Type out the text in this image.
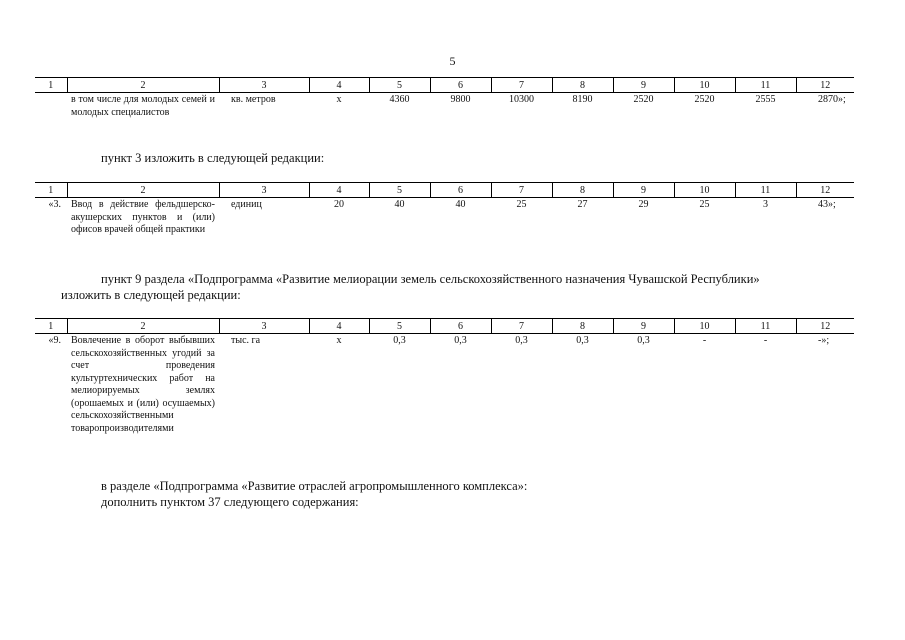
5
1	2	3	4	5	6	7	8	9	10	11	12
	в том числе для молодых семей и молодых специалистов	кв. метров	х	4360	9800	10300	8190	2520	2520	2555	2870»;
пункт 3 изложить в следующей редакции:
1	2	3	4	5	6	7	8	9	10	11	12
«3.	Ввод в действие фельдшерско-акушерских пунктов и (или) офисов врачей общей практики	единиц	20	40	40	25	27	29	25	3	43»;
пункт 9 раздела «Подпрограмма «Развитие мелиорации земель сельскохозяйственного назначения Чувашской Республики»
изложить в следующей редакции:
1	2	3	4	5	6	7	8	9	10	11	12
«9.	Вовлечение в оборот выбывших сельскохозяйственных угодий за счет проведения культуртехнических работ на мелиорируемых землях (орошаемых и (или) осушаемых) сельскохозяйственными товаропроизводителями	тыс. га	х	0,3	0,3	0,3	0,3	0,3	-	-	-»;
в разделе «Подпрограмма «Развитие отраслей агропромышленного комплекса»:
дополнить пунктом 37 следующего содержания:
